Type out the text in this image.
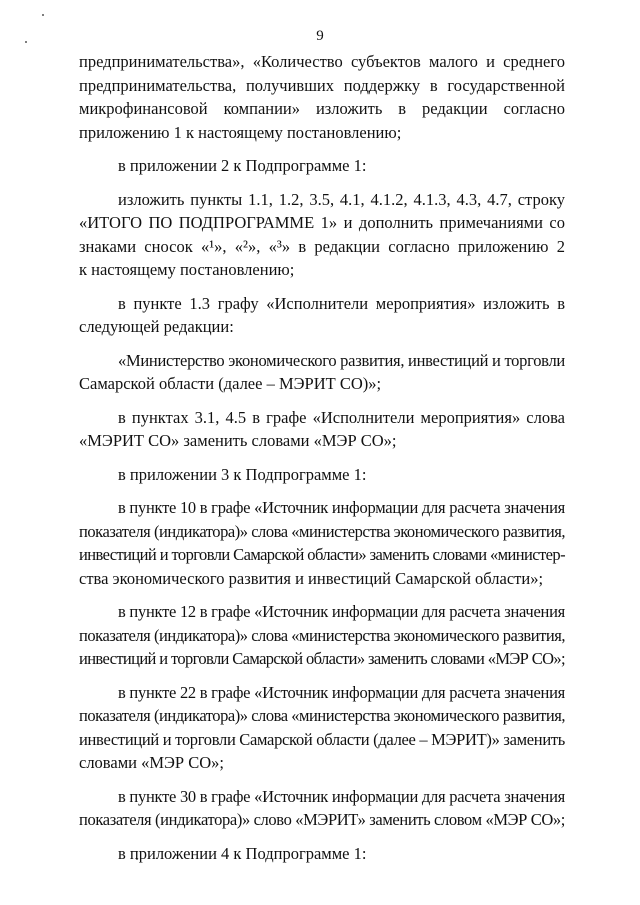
9

предпринимательства», «Количество субъектов малого и среднего
предпринимательства, получивших поддержку в государственной
микрофинансовой компании» изложить в редакции согласно
приложению 1 к настоящему постановлению;

в приложении 2 к Подпрограмме 1:

изложить пункты 1.1, 1.2, 3.5, 4.1, 4.1.2, 4.1.3, 4.3, 4.7, строку
«ИТОГО ПО ПОДПРОГРАММЕ 1» и дополнить примечаниями со
знаками сносок «¹», «²», «³» в редакции согласно приложению 2
к настоящему постановлению;

в пункте 1.3 графу «Исполнители мероприятия» изложить в
следующей редакции:

«Министерство экономического развития, инвестиций и торговли
Самарской области (далее – МЭРИТ СО)»;

в пунктах 3.1, 4.5 в графе «Исполнители мероприятия» слова
«МЭРИТ СО» заменить словами «МЭР СО»;

в приложении 3 к Подпрограмме 1:

в пункте 10 в графе «Источник информации для расчета значения
показателя (индикатора)» слова «министерства экономического развития,
инвестиций и торговли Самарской области» заменить словами «министер-
ства экономического развития и инвестиций Самарской области»;

в пункте 12 в графе «Источник информации для расчета значения
показателя (индикатора)» слова «министерства экономического развития,
инвестиций и торговли Самарской области» заменить словами «МЭР СО»;

в пункте 22 в графе «Источник информации для расчета значения
показателя (индикатора)» слова «министерства экономического развития,
инвестиций и торговли Самарской области (далее – МЭРИТ)» заменить
словами «МЭР СО»;

в пункте 30 в графе «Источник информации для расчета значения
показателя (индикатора)» слово «МЭРИТ» заменить словом «МЭР СО»;

в приложении 4 к Подпрограмме 1:
